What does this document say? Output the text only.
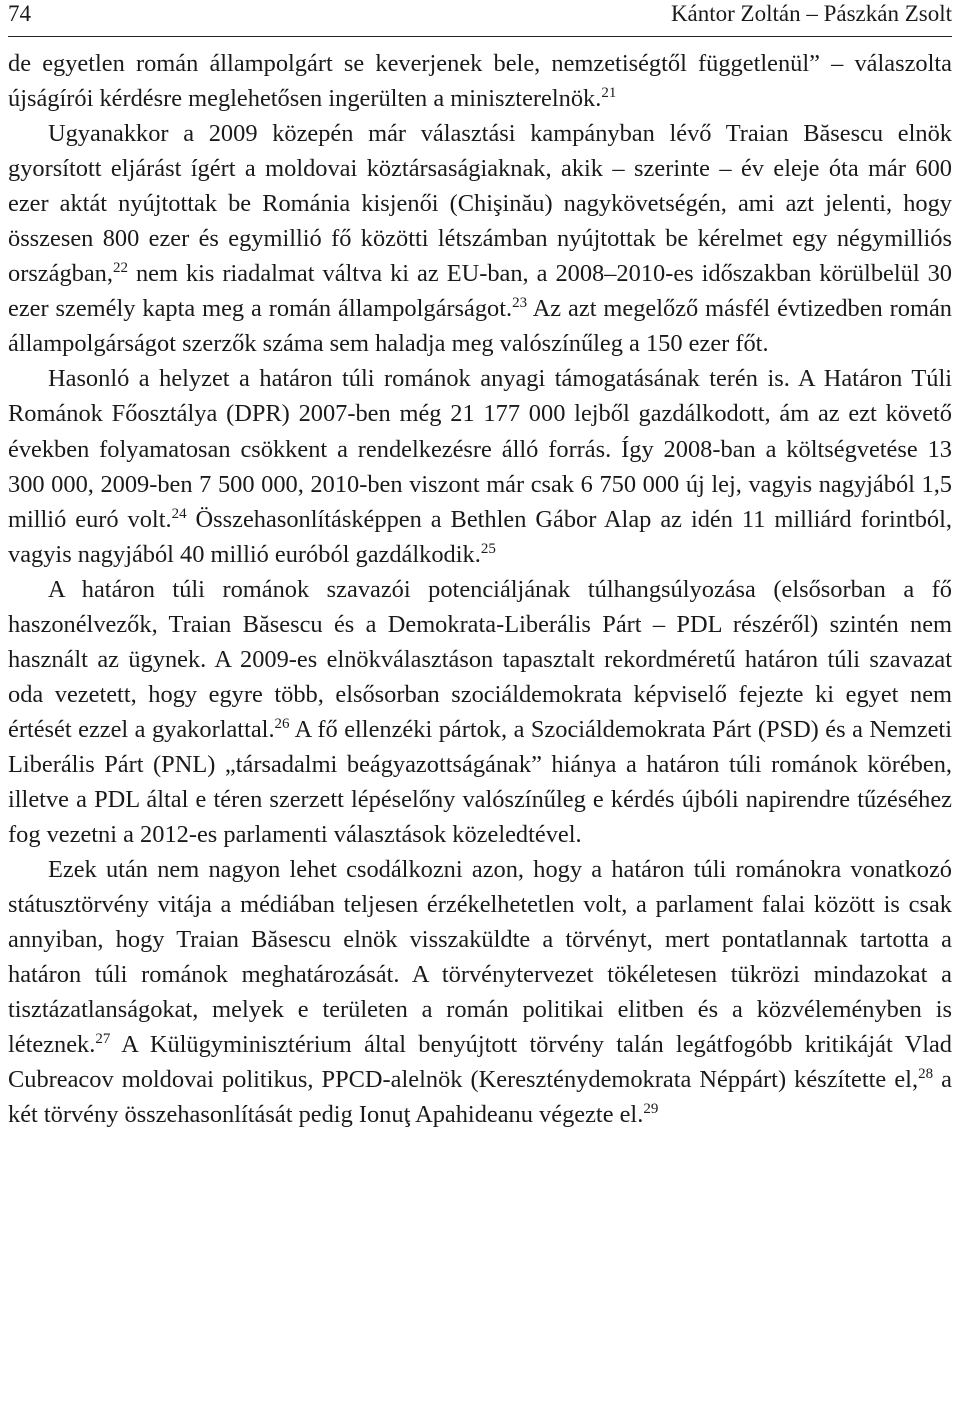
74	Kántor Zoltán – Pászkán Zsolt

de egyetlen román állampolgárt se keverjenek bele, nemzetiségtől függetlenül” – válaszolta újságírói kérdésre meglehetősen ingerülten a miniszterelnök.$^{21}$

Ugyanakkor a 2009 közepén már választási kampányban lévő Traian Băsescu elnök gyorsított eljárást ígért a moldovai köztársaságiaknak, akik – szerinte – év eleje óta már 600 ezer aktát nyújtottak be Románia kisjenői (Chişinău) nagykövetségén, ami azt jelenti, hogy összesen 800 ezer és egymillió fő közötti létszámban nyújtottak be kérelmet egy négymilliós országban,$^{22}$ nem kis riadalmat váltva ki az EU-ban, a 2008–2010-es időszakban körülbelül 30 ezer személy kapta meg a román állampolgárságot.$^{23}$ Az azt megelőző másfél évtizedben román állampolgárságot szerzők száma sem haladja meg valószínűleg a 150 ezer főt.

Hasonló a helyzet a határon túli románok anyagi támogatásának terén is. A Határon Túli Románok Főosztálya (DPR) 2007-ben még 21 177 000 lejből gazdálkodott, ám az ezt követő években folyamatosan csökkent a rendelkezésre álló forrás. Így 2008-ban a költségvetése 13 300 000, 2009-ben 7 500 000, 2010-ben viszont már csak 6 750 000 új lej, vagyis nagyjából 1,5 millió euró volt.$^{24}$ Összehasonlításképpen a Bethlen Gábor Alap az idén 11 milliárd forintból, vagyis nagyjából 40 millió euróból gazdálkodik.$^{25}$

A határon túli románok szavazói potenciáljának túlhangsúlyozása (elsősorban a fő haszonélvezők, Traian Băsescu és a Demokrata-Liberális Párt – PDL részéről) szintén nem használt az ügynek. A 2009-es elnökválasztáson tapasztalt rekordméretű határon túli szavazat oda vezetett, hogy egyre több, elsősorban szociáldemokrata képviselő fejezte ki egyet nem értését ezzel a gyakorlattal.$^{26}$ A fő ellenzéki pártok, a Szociáldemokrata Párt (PSD) és a Nemzeti Liberális Párt (PNL) „társadalmi beágyazottságának” hiánya a határon túli románok körében, illetve a PDL által e téren szerzett lépéselőny valószínűleg e kérdés újbóli napirendre tűzéséhez fog vezetni a 2012-es parlamenti választások közeledtével.

Ezek után nem nagyon lehet csodálkozni azon, hogy a határon túli románokra vonatkozó státusztörvény vitája a médiában teljesen érzékelhetetlen volt, a parlament falai között is csak annyiban, hogy Traian Băsescu elnök visszaküldte a törvényt, mert pontatlannak tartotta a határon túli románok meghatározását. A törvénytervezet tökéletesen tükrözi mindazokat a tisztázatlanságokat, melyek e területen a román politikai elitben és a közvéleményben is léteznek.$^{27}$ A Külügyminisztérium által benyújtott törvény talán legátfogóbb kritikáját Vlad Cubreacov moldovai politikus, PPCD-alelnök (Kereszténydemokrata Néppárt) készítette el,$^{28}$ a két törvény összehasonlítását pedig Ionuţ Apahideanu végezte el.$^{29}$
